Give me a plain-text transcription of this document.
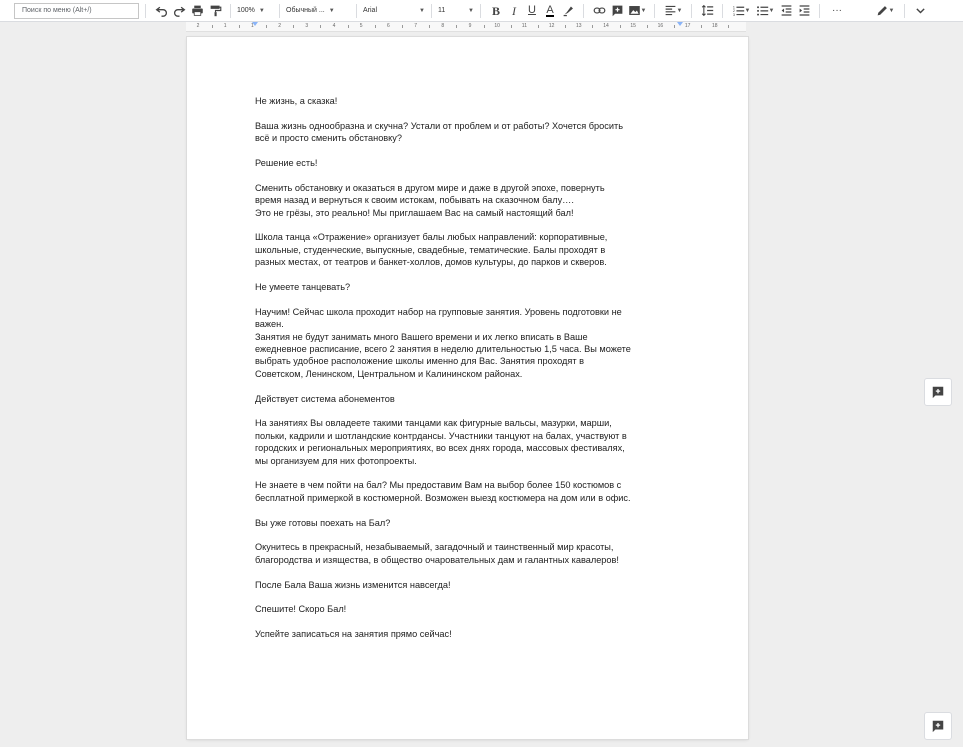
Поиск по меню (Alt+/)	100% ▼	Обычный ... ▼	Arial	▼ 11	▼	B	I	U A	▼	▼
1
2
3
▼	▼	···	▼
2	1	1	2	3	4	5	6	7	8	9	10	11	12	13	14	15	16	17	18

Не жизнь, а сказка!

Ваша жизнь однообразна и скучна? Устали от проблем и от работы? Хочется бросить
всё и просто сменить обстановку?

Решение есть!

Сменить обстановку и оказаться в другом мире и даже в другой эпохе, повернуть
время назад и вернуться к своим истокам, побывать на сказочном балу….
Это не грёзы, это реально! Мы приглашаем Вас на самый настоящий бал!

Школа танца «Отражение» организует балы любых направлений: корпоративные,
школьные, студенческие, выпускные, свадебные, тематические. Балы проходят в
разных местах, от театров и банкет-холлов, домов культуры, до парков и скверов.

Не умеете танцевать?

Научим! Сейчас школа проходит набор на групповые занятия. Уровень подготовки не
важен.
Занятия не будут занимать много Вашего времени и их легко вписать в Ваше
ежедневное расписание, всего 2 занятия в неделю длительностью 1,5 часа. Вы можете
выбрать удобное расположение школы именно для Вас. Занятия проходят в
Советском, Ленинском, Центральном и Калининском районах.

Действует система абонементов

На занятиях Вы овладеете такими танцами как фигурные вальсы, мазурки, марши,
польки, кадрили и шотландские контрдансы. Участники танцуют на балах, участвуют в
городских и региональных мероприятиях, во всех днях города, массовых фестивалях,
мы организуем для них фотопроекты.

Не знаете в чем пойти на бал? Мы предоставим Вам на выбор более 150 костюмов с
бесплатной примеркой в костюмерной. Возможен выезд костюмера на дом или в офис.

Вы уже готовы поехать на Бал?

Окунитесь в прекрасный, незабываемый, загадочный и таинственный мир красоты,
благородства и изящества, в общество очаровательных дам и галантных кавалеров!

После Бала Ваша жизнь изменится навсегда!

Спешите! Скоро Бал!

Успейте записаться на занятия прямо сейчас!
